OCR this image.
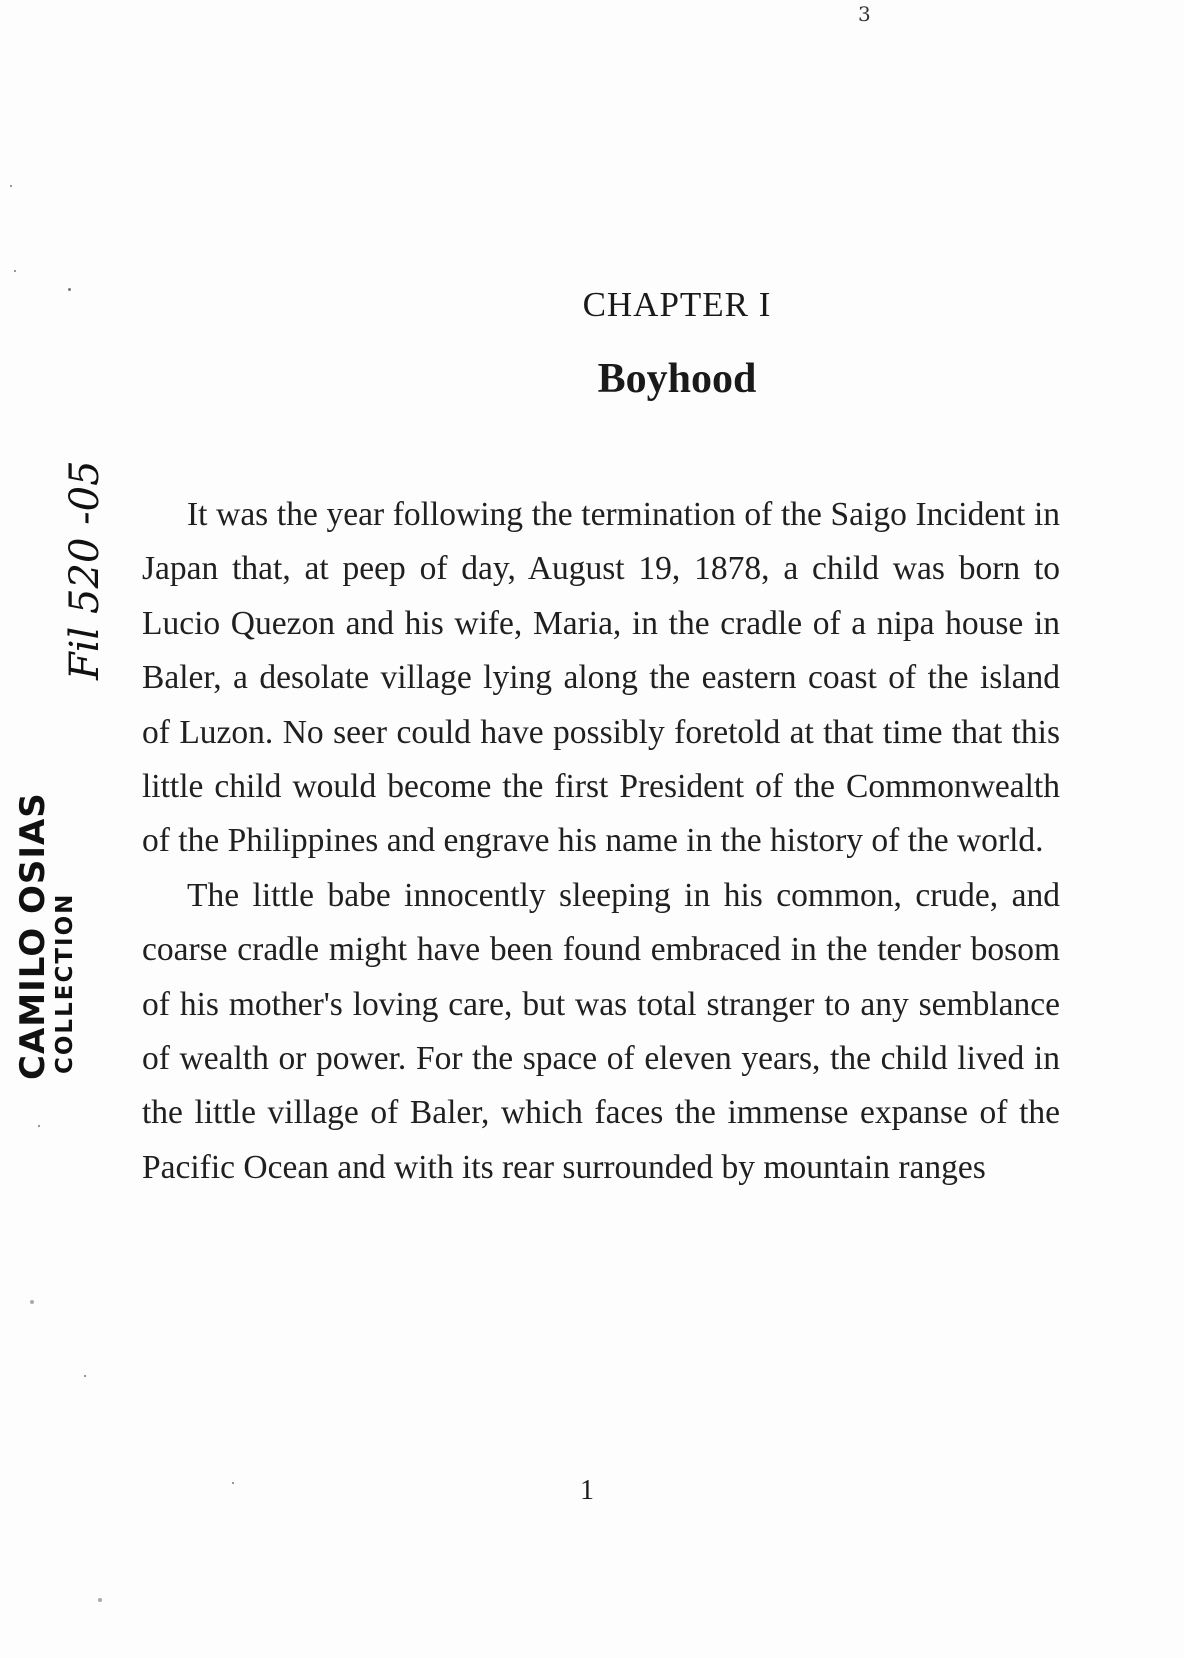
3
CHAPTER I
Boyhood

It was the year following the termination of the Saigo Incident in Japan that, at peep of day, August 19, 1878, a child was born to Lucio Quezon and his wife, Maria, in the cradle of a nipa house in Baler, a desolate village lying along the eastern coast of the island of Luzon. No seer could have possibly foretold at that time that this little child would become the first President of the Commonwealth of the Philippines and engrave his name in the history of the world.

The little babe innocently sleeping in his common, crude, and coarse cradle might have been found embraced in the tender bosom of his mother's loving care, but was total stranger to any semblance of wealth or power. For the space of eleven years, the child lived in the little village of Baler, which faces the immense expanse of the Pacific Ocean and with its rear surrounded by mountain ranges

1
CAMILO OSIAS COLLECTION
Fil 520 -05
